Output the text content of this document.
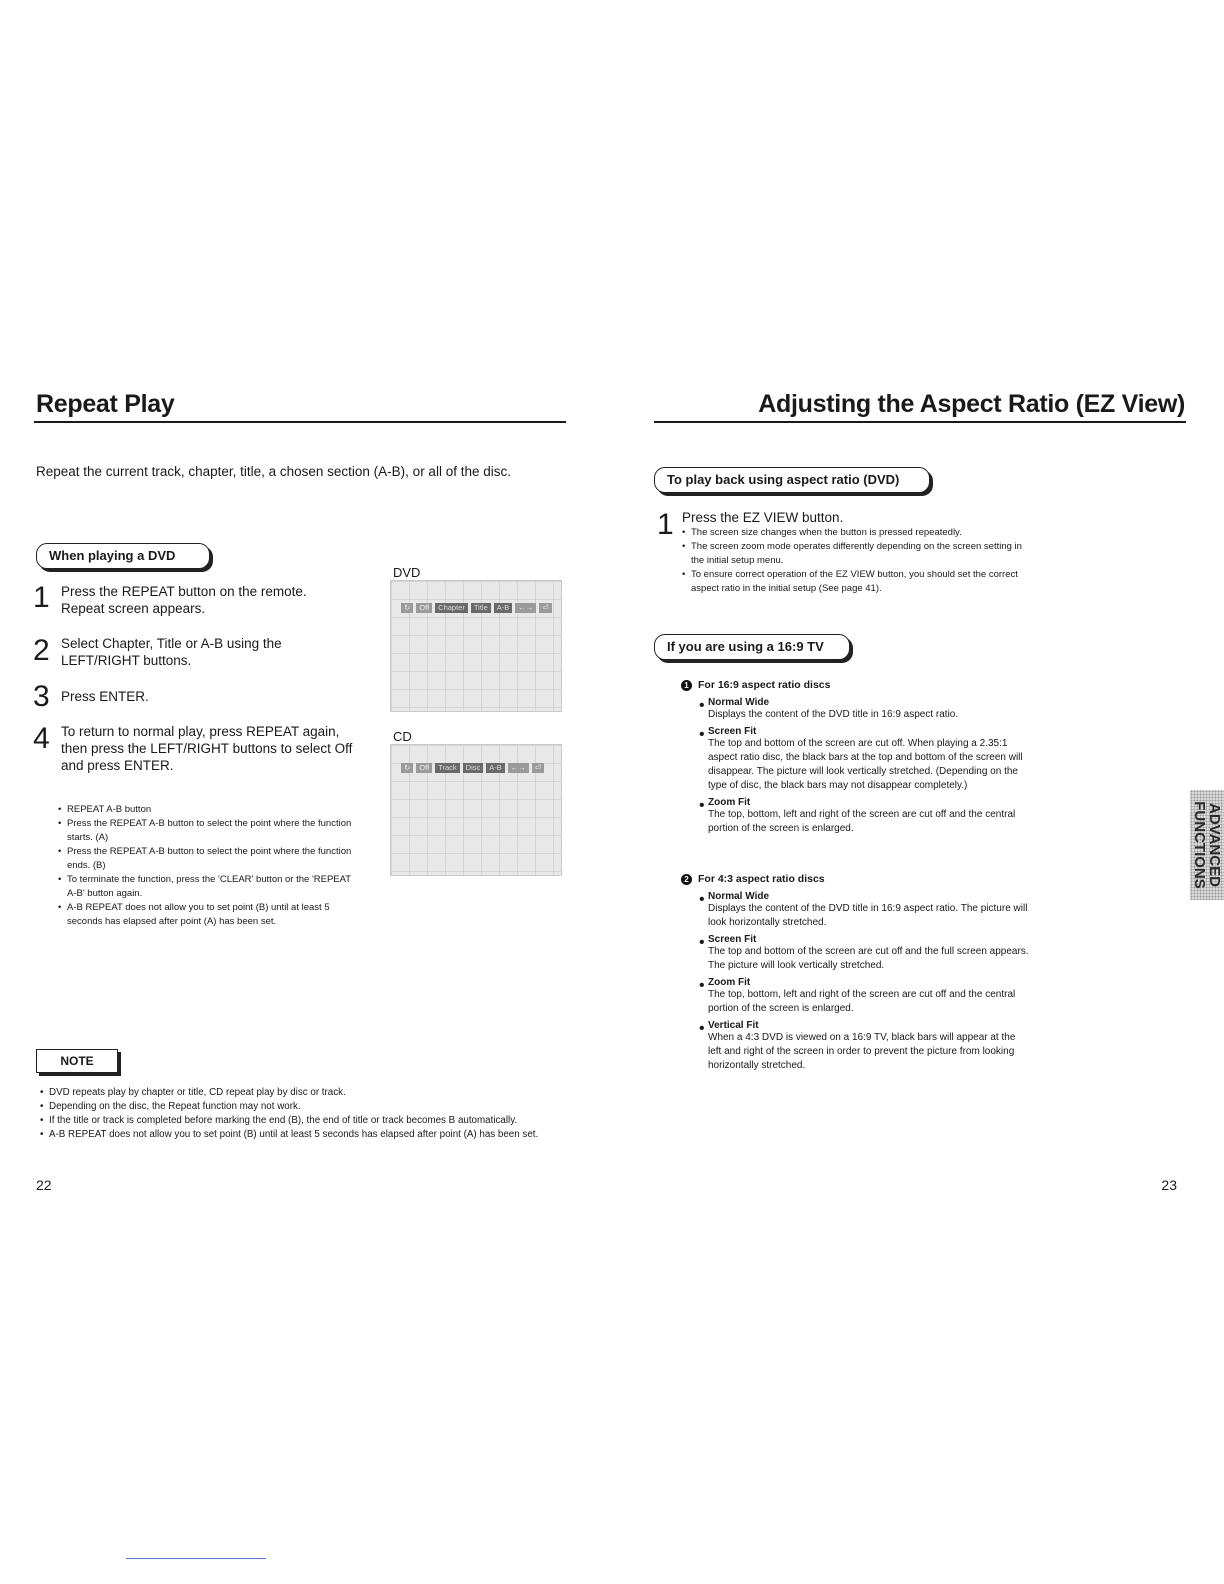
Repeat Play
Repeat the current track, chapter, title, a chosen section (A-B), or all of the disc.
When playing a DVD
1 Press the REPEAT button on the remote. Repeat screen appears.
2 Select Chapter, Title or A-B using the LEFT/RIGHT buttons.
3 Press ENTER.
4 To return to normal play, press REPEAT again, then press the LEFT/RIGHT buttons to select Off and press ENTER.
• REPEAT A-B button
• Press the REPEAT A-B button to select the point where the function starts. (A)
• Press the REPEAT A-B button to select the point where the function ends. (B)
• To terminate the function, press the 'CLEAR' button or the 'REPEAT A-B' button again.
• A-B REPEAT does not allow you to set point (B) until at least 5 seconds has elapsed after point (A) has been set.
DVD
↻	Off	Chapter	Title	A-B	←→	⏎
CD
↻	Off	Track	Disc	A-B	←→	⏎
NOTE
• DVD repeats play by chapter or title, CD repeat play by disc or track.
• Depending on the disc, the Repeat function may not work.
• If the title or track is completed before marking the end (B), the end of title or track becomes B automatically.
• A-B REPEAT does not allow you to set point (B) until at least 5 seconds has elapsed after point (A) has been set.
22
Adjusting the Aspect Ratio (EZ View)
To play back using aspect ratio (DVD)
1 Press the EZ VIEW button.
• The screen size changes when the button is pressed repeatedly.
• The screen zoom mode operates differently depending on the screen setting in the initial setup menu.
• To ensure correct operation of the EZ VIEW button, you should set the correct aspect ratio in the initial setup (See page 41).
If you are using a 16:9 TV
1 For 16:9 aspect ratio discs
• Normal Wide
Displays the content of the DVD title in 16:9 aspect ratio.
• Screen Fit
The top and bottom of the screen are cut off. When playing a 2.35:1 aspect ratio disc, the black bars at the top and bottom of the screen will disappear. The picture will look vertically stretched. (Depending on the type of disc, the black bars may not disappear completely.)
• Zoom Fit
The top, bottom, left and right of the screen are cut off and the central portion of the screen is enlarged.
2 For 4:3 aspect ratio discs
• Normal Wide
Displays the content of the DVD title in 16:9 aspect ratio. The picture will look horizontally stretched.
• Screen Fit
The top and bottom of the screen are cut off and the full screen appears. The picture will look vertically stretched.
• Zoom Fit
The top, bottom, left and right of the screen are cut off and the central portion of the screen is enlarged.
• Vertical Fit
When a 4:3 DVD is viewed on a 16:9 TV, black bars will appear at the left and right of the screen in order to prevent the picture from looking horizontally stretched.
ADVANCED
FUNCTIONS
23
